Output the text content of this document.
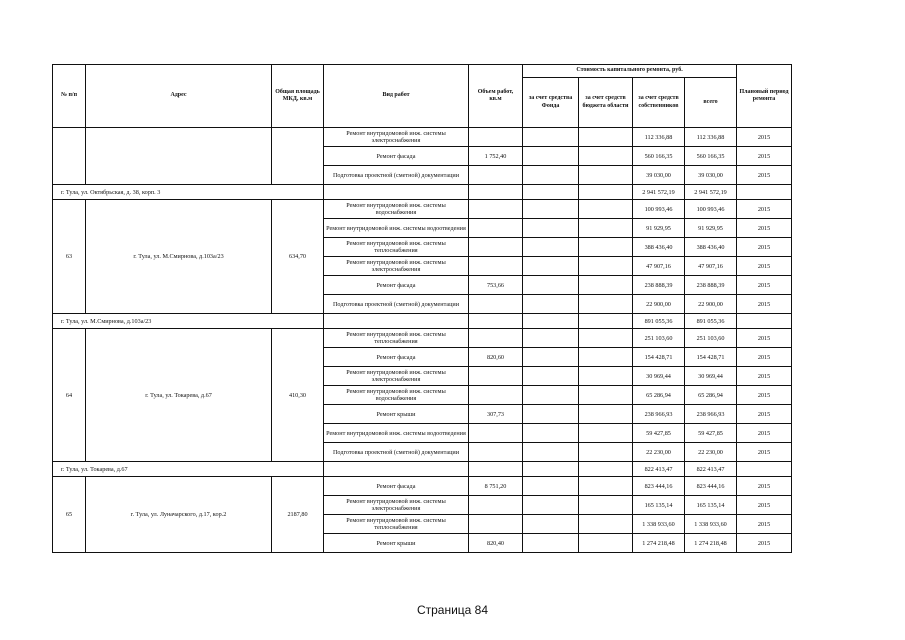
№ п/п	Адрес	Общая площадь МКД, кв.м	Вид работ	Объем работ, кв.м	Стоимость капитального ремонта, руб.				Плановый период ремонта
					за счет средства Фонда	за счет средств бюджета области	за счет средств собственников	всего	
			Ремонт внутридомовой инж. системы электроснабжения				112 336,88	112 336,88	2015
			Ремонт фасада	1 752,40			560 166,35	560 166,35	2015
			Подготовка проектной (сметной) документации				39 030,00	39 030,00	2015
г. Тула, ул. Октябрьская, д. 38, корп. 3							2 941 572,19	2 941 572,19	
63	г. Тула, ул. М.Смирнова, д.103а/23	634,70	Ремонт внутридомовой инж. системы водоснабжения				100 993,46	100 993,46	2015
			Ремонт внутридомовой инж. системы водоотведения				91 929,95	91 929,95	2015
			Ремонт внутридомовой инж. системы теплоснабжения				388 436,40	388 436,40	2015
			Ремонт внутридомовой инж. системы электроснабжения				47 907,16	47 907,16	2015
			Ремонт фасада	753,66			238 888,39	238 888,39	2015
			Подготовка проектной (сметной) документации				22 900,00	22 900,00	2015
г. Тула, ул. М.Смирнова, д.103а/23							891 055,36	891 055,36	
64	г. Тула, ул. Токарева, д.67	410,30	Ремонт внутридомовой инж. системы теплоснабжения				251 103,60	251 103,60	2015
			Ремонт фасада	820,60			154 428,71	154 428,71	2015
			Ремонт внутридомовой инж. системы электроснабжения				30 969,44	30 969,44	2015
			Ремонт внутридомовой инж. системы водоснабжения				65 286,94	65 286,94	2015
			Ремонт крыши	307,73			238 966,93	238 966,93	2015
			Ремонт внутридомовой инж. системы водоотведения				59 427,85	59 427,85	2015
			Подготовка проектной (сметной) документации				22 230,00	22 230,00	2015
г. Тула, ул. Токарева, д.67							822 413,47	822 413,47	
65	г. Тула, ул. Луначарского, д.17, кор.2	2187,80	Ремонт фасада	8 751,20			823 444,16	823 444,16	2015
			Ремонт внутридомовой инж. системы электроснабжения				165 135,14	165 135,14	2015
			Ремонт внутридомовой инж. системы теплоснабжения				1 338 933,60	1 338 933,60	2015
			Ремонт крыши	820,40			1 274 218,48	1 274 218,48	2015
Страница 84
